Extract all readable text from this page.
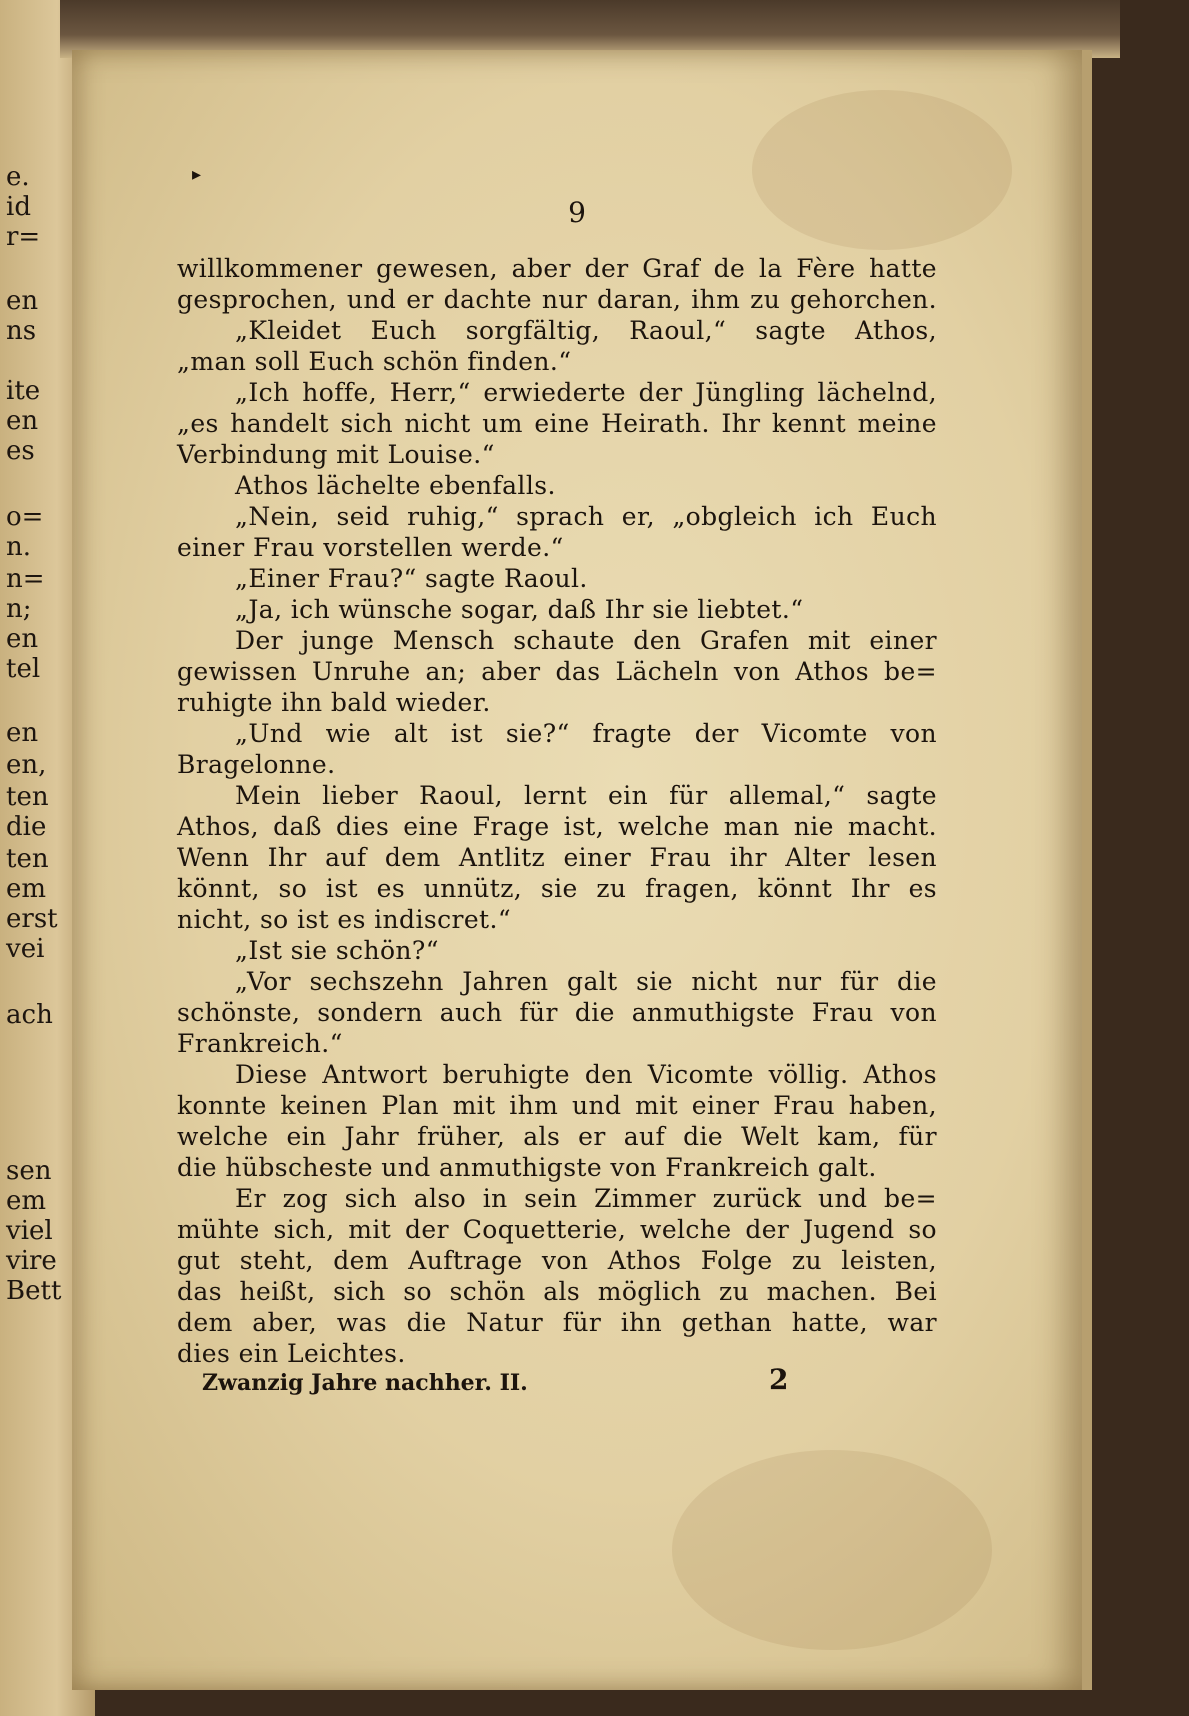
e.
id
r=
en
ns
ite
en
es
o=
n.
n=
n;
en
tel
en
en,
ten
die
ten
em
erst
vei
ach
sen
em
viel
vire
Bett
▸
9
willkommener gewesen, aber der Graf de la Fère hatte
gesprochen, und er dachte nur daran, ihm zu gehorchen.
„Kleidet Euch sorgfältig, Raoul,“ sagte Athos,
„man soll Euch schön finden.“
„Ich hoffe, Herr,“ erwiederte der Jüngling lächelnd,
„es handelt sich nicht um eine Heirath. Ihr kennt meine
Verbindung mit Louise.“
Athos lächelte ebenfalls.
„Nein, seid ruhig,“ sprach er, „obgleich ich Euch
einer Frau vorstellen werde.“
„Einer Frau?“ sagte Raoul.
„Ja, ich wünsche sogar, daß Ihr sie liebtet.“
Der junge Mensch schaute den Grafen mit einer
gewissen Unruhe an; aber das Lächeln von Athos be=
ruhigte ihn bald wieder.
„Und wie alt ist sie?“ fragte der Vicomte von
Bragelonne.
Mein lieber Raoul, lernt ein für allemal,“ sagte
Athos, daß dies eine Frage ist, welche man nie macht.
Wenn Ihr auf dem Antlitz einer Frau ihr Alter lesen
könnt, so ist es unnütz, sie zu fragen, könnt Ihr es
nicht, so ist es indiscret.“
„Ist sie schön?“
„Vor sechszehn Jahren galt sie nicht nur für die
schönste, sondern auch für die anmuthigste Frau von
Frankreich.“
Diese Antwort beruhigte den Vicomte völlig. Athos
konnte keinen Plan mit ihm und mit einer Frau haben,
welche ein Jahr früher, als er auf die Welt kam, für
die hübscheste und anmuthigste von Frankreich galt.
Er zog sich also in sein Zimmer zurück und be=
mühte sich, mit der Coquetterie, welche der Jugend so
gut steht, dem Auftrage von Athos Folge zu leisten,
das heißt, sich so schön als möglich zu machen. Bei
dem aber, was die Natur für ihn gethan hatte, war
dies ein Leichtes.
Zwanzig Jahre nachher. II.	2
